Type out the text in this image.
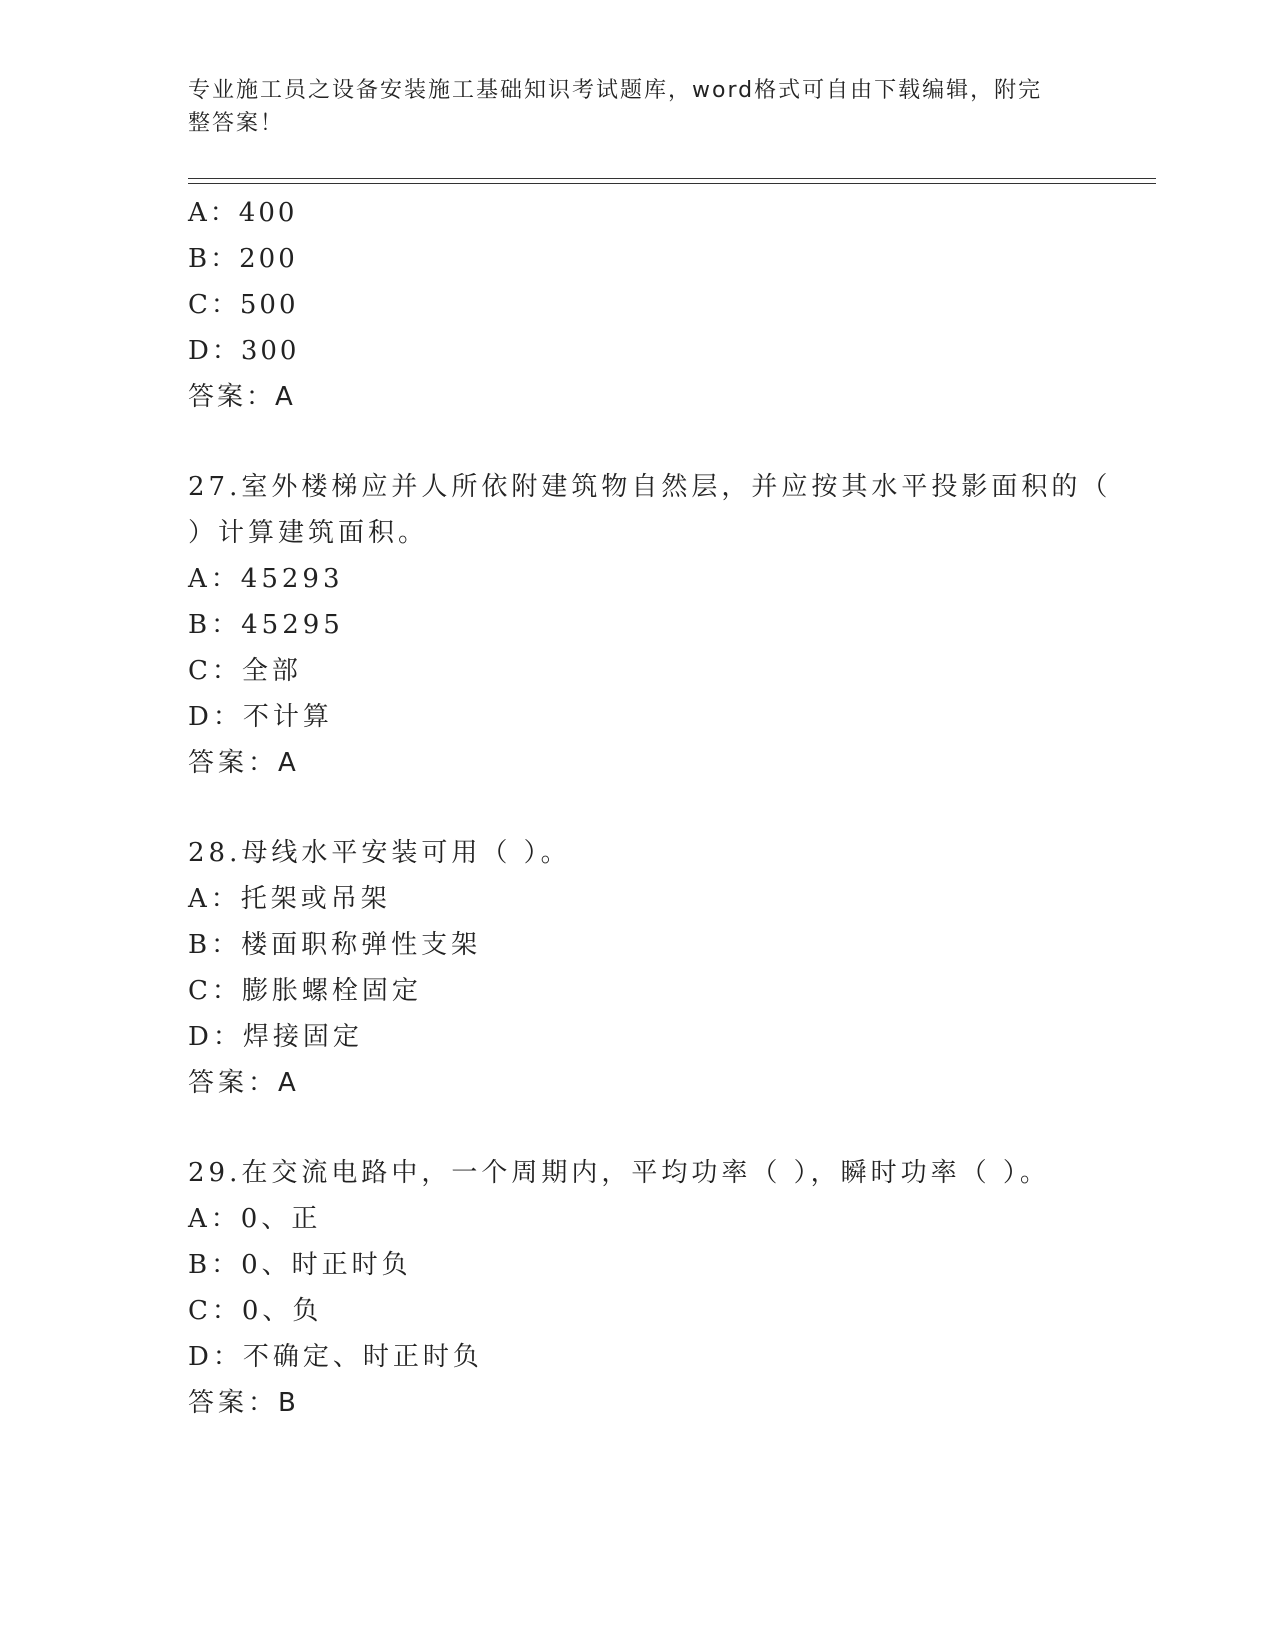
专业施工员之设备安装施工基础知识考试题库，word格式可自由下载编辑，附完
整答案！
A：400
B：200
C：500
D：300
答案：A
27.室外楼梯应并人所依附建筑物自然层，并应按其水平投影面积的（
）计算建筑面积。
A：45293
B：45295
C：全部
D：不计算
答案：A
28.母线水平安装可用（ ）。
A：托架或吊架
B：楼面职称弹性支架
C：膨胀螺栓固定
D：焊接固定
答案：A
29.在交流电路中，一个周期内，平均功率（ ），瞬时功率（ ）。
A：0、正
B：0、时正时负
C：0、负
D：不确定、时正时负
答案：B
